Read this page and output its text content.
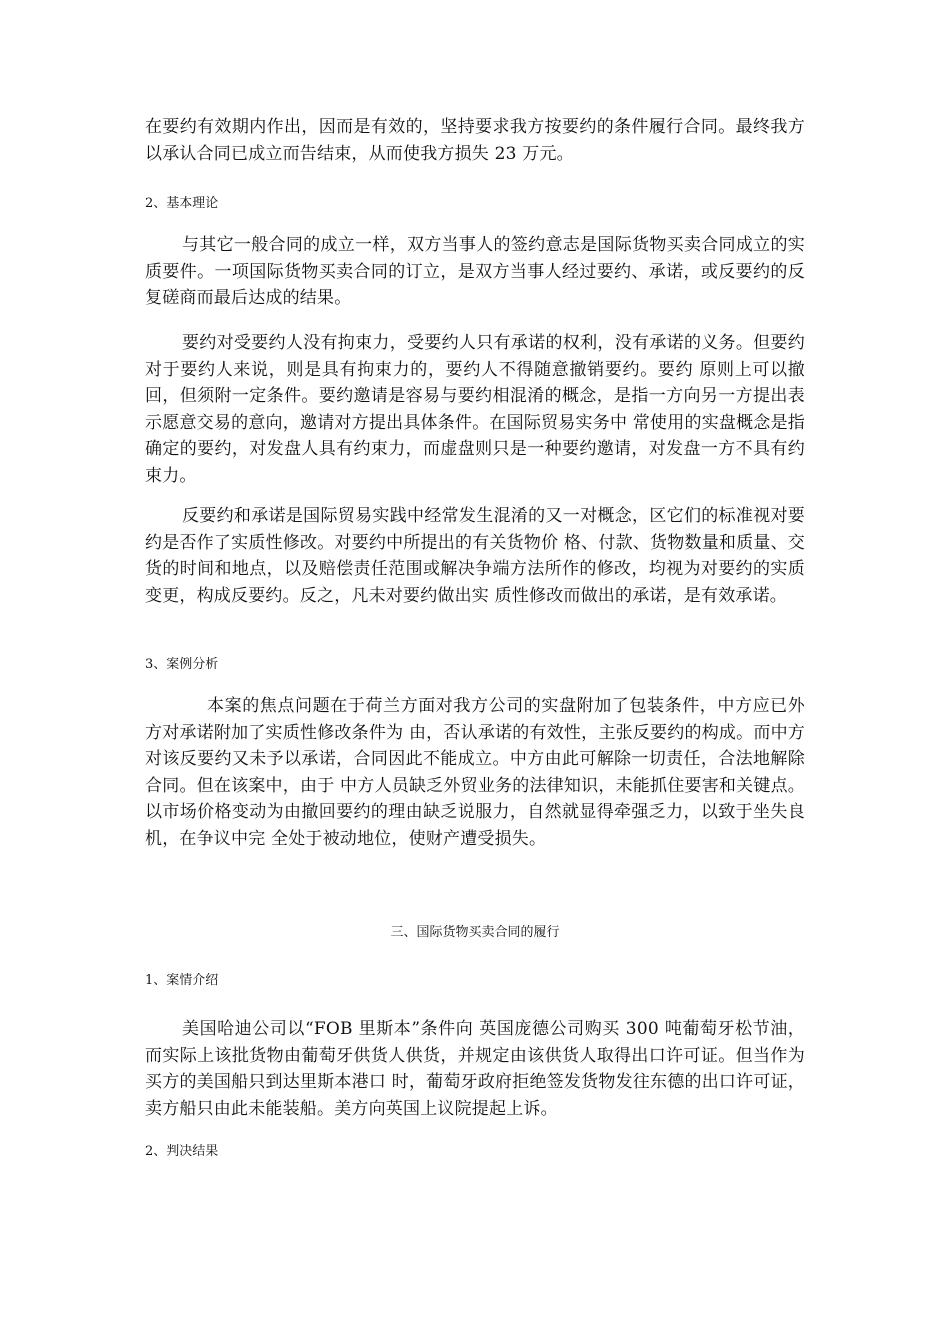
在要约有效期内作出，因而是有效的，坚持要求我方按要约的条件履行合同。最终我方以承认合同已成立而告结束，从而使我方损失 23 万元。

2、基本理论

与其它一般合同的成立一样，双方当事人的签约意志是国际货物买卖合同成立的实质要件。一项国际货物买卖合同的订立，是双方当事人经过要约、承诺，或反要约的反复磋商而最后达成的结果。

要约对受要约人没有拘束力，受要约人只有承诺的权利，没有承诺的义务。但要约对于要约人来说，则是具有拘束力的，要约人不得随意撤销要约。要约 原则上可以撤回，但须附一定条件。要约邀请是容易与要约相混淆的概念，是指一方向另一方提出表示愿意交易的意向，邀请对方提出具体条件。在国际贸易实务中 常使用的实盘概念是指确定的要约，对发盘人具有约束力，而虚盘则只是一种要约邀请，对发盘一方不具有约束力。

反要约和承诺是国际贸易实践中经常发生混淆的又一对概念，区它们的标准视对要约是否作了实质性修改。对要约中所提出的有关货物价 格、付款、货物数量和质量、交货的时间和地点，以及赔偿责任范围或解决争端方法所作的修改，均视为对要约的实质变更，构成反要约。反之，凡未对要约做出实 质性修改而做出的承诺，是有效承诺。

3、案例分析

本案的焦点问题在于荷兰方面对我方公司的实盘附加了包装条件，中方应已外方对承诺附加了实质性修改条件为 由，否认承诺的有效性，主张反要约的构成。而中方对该反要约又未予以承诺，合同因此不能成立。中方由此可解除一切责任，合法地解除合同。但在该案中，由于 中方人员缺乏外贸业务的法律知识，未能抓住要害和关键点。以市场价格变动为由撤回要约的理由缺乏说服力，自然就显得牵强乏力，以致于坐失良机，在争议中完 全处于被动地位，使财产遭受损失。

三、国际货物买卖合同的履行

1、案情介绍

美国哈迪公司以“FOB 里斯本”条件向 英国庞德公司购买 300 吨葡萄牙松节油，而实际上该批货物由葡萄牙供货人供货，并规定由该供货人取得出口许可证。但当作为买方的美国船只到达里斯本港口 时，葡萄牙政府拒绝签发货物发往东德的出口许可证，卖方船只由此未能装船。美方向英国上议院提起上诉。

2、判决结果
